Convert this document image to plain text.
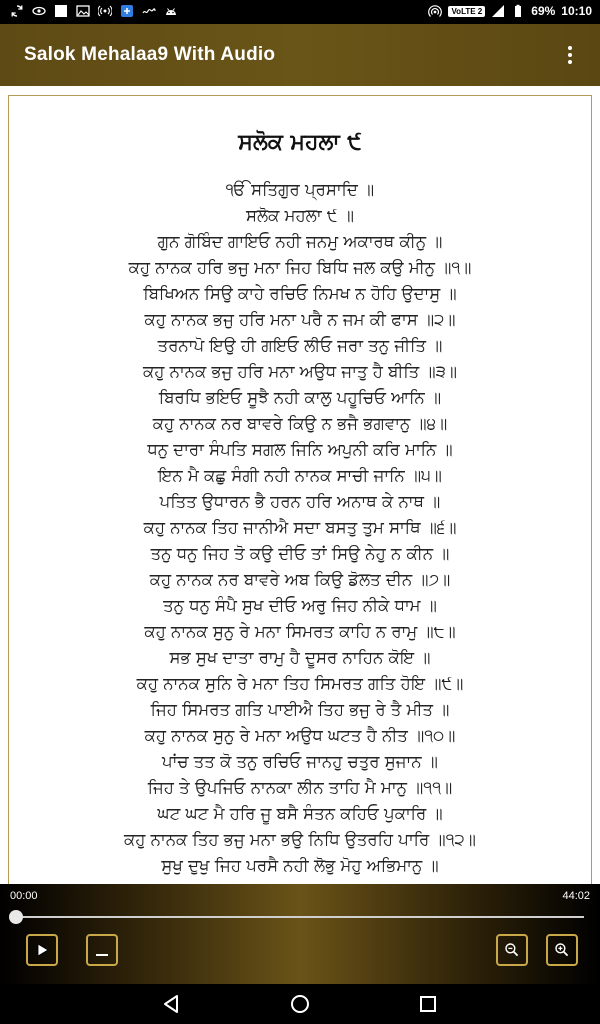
VoLTE 2	69% 10:10
Salok Mehalaa9 With Audio
ਸਲੋਕ ਮਹਲਾ ੯
ੴ ਸਤਿਗੁਰ ਪ੍ਰਸਾਦਿ ॥
ਸਲੋਕ ਮਹਲਾ ੯ ॥
ਗੁਨ ਗੋਬਿੰਦ ਗਾਇਓ ਨਹੀ ਜਨਮੁ ਅਕਾਰਥ ਕੀਨੁ ॥
ਕਹੁ ਨਾਨਕ ਹਰਿ ਭਜੁ ਮਨਾ ਜਿਹ ਬਿਧਿ ਜਲ ਕਉ ਮੀਨੁ ॥੧॥
ਬਿਖਿਅਨ ਸਿਉ ਕਾਹੇ ਰਚਿਓ ਨਿਮਖ ਨ ਹੋਹਿ ਉਦਾਸੁ ॥
ਕਹੁ ਨਾਨਕ ਭਜੁ ਹਰਿ ਮਨਾ ਪਰੈ ਨ ਜਮ ਕੀ ਫਾਸ ॥੨॥
ਤਰਨਾਪੋ ਇਉ ਹੀ ਗਇਓ ਲੀਓ ਜਰਾ ਤਨੁ ਜੀਤਿ ॥
ਕਹੁ ਨਾਨਕ ਭਜੁ ਹਰਿ ਮਨਾ ਅਉਧ ਜਾਤੁ ਹੈ ਬੀਤਿ ॥੩॥
ਬਿਰਧਿ ਭਇਓ ਸੂਝੈ ਨਹੀ ਕਾਲੁ ਪਹੂਚਿਓ ਆਨਿ ॥
ਕਹੁ ਨਾਨਕ ਨਰ ਬਾਵਰੇ ਕਿਉ ਨ ਭਜੈ ਭਗਵਾਨੁ ॥੪॥
ਧਨੁ ਦਾਰਾ ਸੰਪਤਿ ਸਗਲ ਜਿਨਿ ਅਪੁਨੀ ਕਰਿ ਮਾਨਿ ॥
ਇਨ ਮੈ ਕਛੁ ਸੰਗੀ ਨਹੀ ਨਾਨਕ ਸਾਚੀ ਜਾਨਿ ॥੫॥
ਪਤਿਤ ਉਧਾਰਨ ਭੈ ਹਰਨ ਹਰਿ ਅਨਾਥ ਕੇ ਨਾਥ ॥
ਕਹੁ ਨਾਨਕ ਤਿਹ ਜਾਨੀਐ ਸਦਾ ਬਸਤੁ ਤੁਮ ਸਾਥਿ ॥੬॥
ਤਨੁ ਧਨੁ ਜਿਹ ਤੋ ਕਉ ਦੀਓ ਤਾਂ ਸਿਉ ਨੇਹੁ ਨ ਕੀਨ ॥
ਕਹੁ ਨਾਨਕ ਨਰ ਬਾਵਰੇ ਅਬ ਕਿਉ ਡੋਲਤ ਦੀਨ ॥੭॥
ਤਨੁ ਧਨੁ ਸੰਪੈ ਸੁਖ ਦੀਓ ਅਰੁ ਜਿਹ ਨੀਕੇ ਧਾਮ ॥
ਕਹੁ ਨਾਨਕ ਸੁਨੁ ਰੇ ਮਨਾ ਸਿਮਰਤ ਕਾਹਿ ਨ ਰਾਮੁ ॥੮॥
ਸਭ ਸੁਖ ਦਾਤਾ ਰਾਮੁ ਹੈ ਦੂਸਰ ਨਾਹਿਨ ਕੋਇ ॥
ਕਹੁ ਨਾਨਕ ਸੁਨਿ ਰੇ ਮਨਾ ਤਿਹ ਸਿਮਰਤ ਗਤਿ ਹੋਇ ॥੯॥
ਜਿਹ ਸਿਮਰਤ ਗਤਿ ਪਾਈਐ ਤਿਹ ਭਜੁ ਰੇ ਤੈ ਮੀਤ ॥
ਕਹੁ ਨਾਨਕ ਸੁਨੁ ਰੇ ਮਨਾ ਅਉਧ ਘਟਤ ਹੈ ਨੀਤ ॥੧੦॥
ਪਾਂਚ ਤਤ ਕੋ ਤਨੁ ਰਚਿਓ ਜਾਨਹੁ ਚਤੁਰ ਸੁਜਾਨ ॥
ਜਿਹ ਤੇ ਉਪਜਿਓ ਨਾਨਕਾ ਲੀਨ ਤਾਹਿ ਮੈ ਮਾਨੁ ॥੧੧॥
ਘਟ ਘਟ ਮੈ ਹਰਿ ਜੂ ਬਸੈ ਸੰਤਨ ਕਹਿਓ ਪੁਕਾਰਿ ॥
ਕਹੁ ਨਾਨਕ ਤਿਹ ਭਜੁ ਮਨਾ ਭਉ ਨਿਧਿ ਉਤਰਹਿ ਪਾਰਿ ॥੧੨॥
ਸੁਖੁ ਦੁਖੁ ਜਿਹ ਪਰਸੈ ਨਹੀ ਲੋਭੁ ਮੋਹੁ ਅਭਿਮਾਨੁ ॥
00:00	44:02
